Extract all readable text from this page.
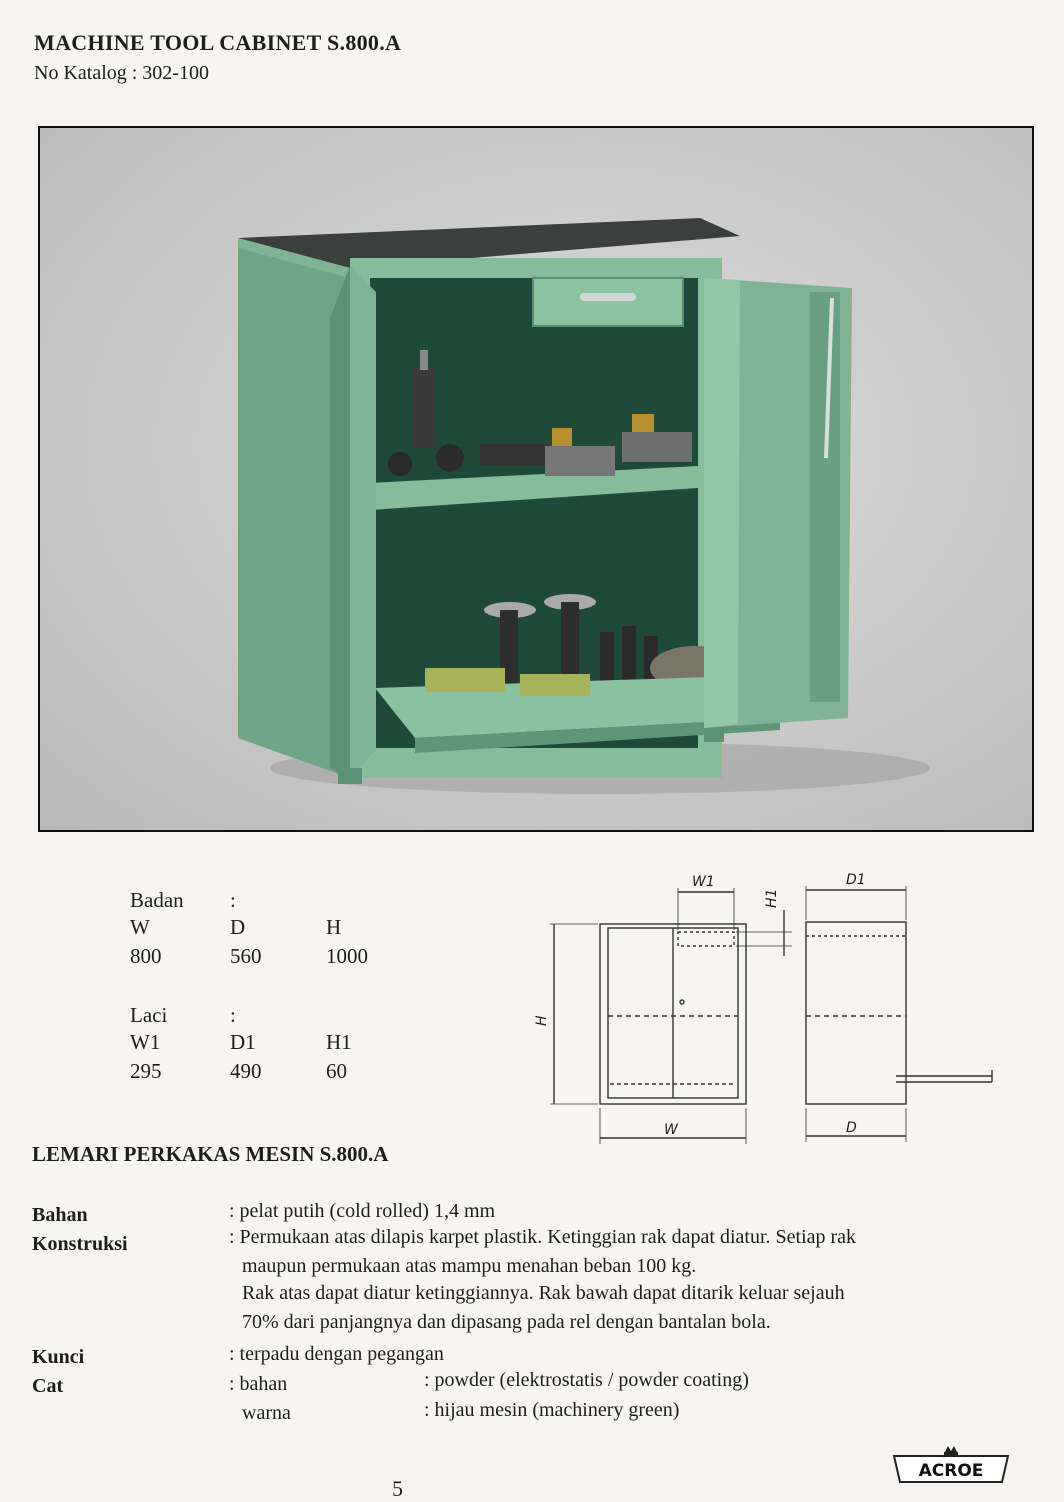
MACHINE TOOL CABINET S.800.A
No Katalog : 302-100
Badan :
W	D	H
800	560	1000
Laci	:
W1	D1	H1
295	490	60
W1
H1
D1
H
W	D
LEMARI PERKAKAS MESIN S.800.A
Bahan	: pelat putih (cold rolled) 1,4 mm
Konstruksi	: Permukaan atas dilapis karpet plastik. Ketinggian rak dapat diatur. Setiap rak
maupun permukaan atas mampu menahan beban 100 kg.
Rak atas dapat diatur ketinggiannya. Rak bawah dapat ditarik keluar sejauh
70% dari panjangnya dan dipasang pada rel dengan bantalan bola.
Kunci	: terpadu dengan pegangan
Cat	: bahan	: powder (elektrostatis / powder coating)
warna	: hijau mesin (machinery green)
5
ACROE
